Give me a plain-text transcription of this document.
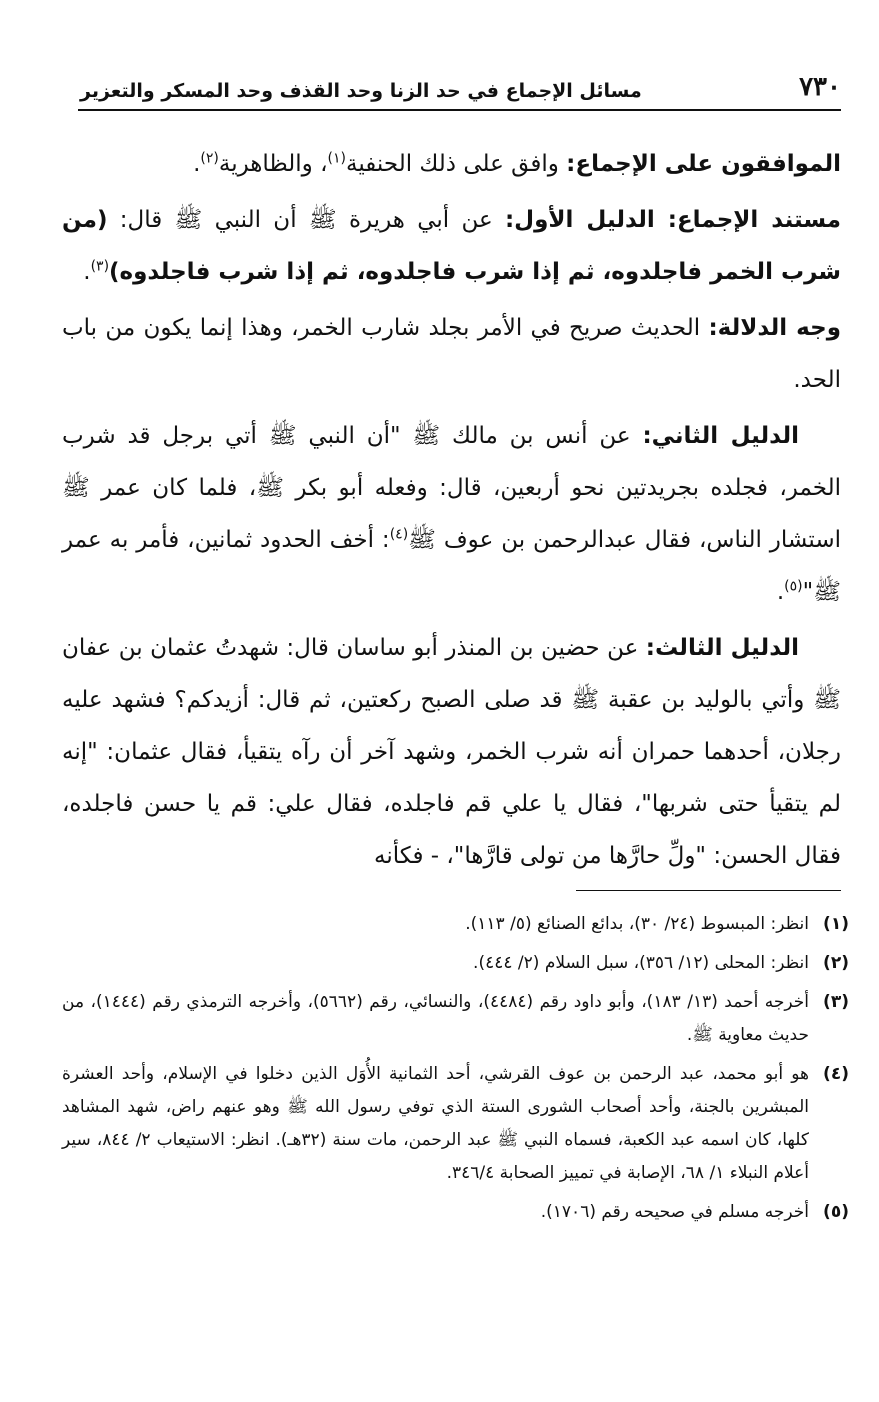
٧٣٠
مسائل الإجماع في حد الزنا وحد القذف وحد المسكر والتعزير

الموافقون على الإجماع: وافق على ذلك الحنفية$^{(١)}$، والظاهرية$^{(٢)}$.

مستند الإجماع: الدليل الأول: عن أبي هريرة ﷺ أن النبي ﷺ قال: (من شرب الخمر فاجلدوه، ثم إذا شرب فاجلدوه، ثم إذا شرب فاجلدوه)$^{(٣)}$.

وجه الدلالة: الحديث صريح في الأمر بجلد شارب الخمر، وهذا إنما يكون من باب الحد.

الدليل الثاني: عن أنس بن مالك ﷺ "أن النبي ﷺ أتي برجل قد شرب الخمر، فجلده بجريدتين نحو أربعين، قال: وفعله أبو بكر ﷺ، فلما كان عمر ﷺ استشار الناس، فقال عبدالرحمن بن عوف ﷺ$^{(٤)}$: أخف الحدود ثمانين، فأمر به عمر ﷺ"$^{(٥)}$.

الدليل الثالث: عن حضين بن المنذر أبو ساسان قال: شهدتُ عثمان بن عفان ﷺ وأتي بالوليد بن عقبة ﷺ قد صلى الصبح ركعتين، ثم قال: أزيدكم؟ فشهد عليه رجلان، أحدهما حمران أنه شرب الخمر، وشهد آخر أن رآه يتقيأ، فقال عثمان: "إنه لم يتقيأ حتى شربها"، فقال يا علي قم فاجلده، فقال علي: قم يا حسن فاجلده، فقال الحسن: "ولِّ حارَّها من تولى قارَّها"، - فكأنه

(١)
انظر: المبسوط (٢٤/ ٣٠)، بدائع الصنائع (٥/ ١١٣).
(٢)
انظر: المحلى (١٢/ ٣٥٦)، سبل السلام (٢/ ٤٤٤).
(٣)
أخرجه أحمد (١٣/ ١٨٣)، وأبو داود رقم (٤٤٨٤)، والنسائي، رقم (٥٦٦٢)، وأخرجه الترمذي رقم (١٤٤٤)، من حديث معاوية ﷺ.
(٤)
هو أبو محمد، عبد الرحمن بن عوف القرشي، أحد الثمانية الأُوَل الذين دخلوا في الإسلام، وأحد العشرة المبشرين بالجنة، وأحد أصحاب الشورى الستة الذي توفي رسول الله ﷺ وهو عنهم راض، شهد المشاهد كلها، كان اسمه عبد الكعبة، فسماه النبي ﷺ عبد الرحمن، مات سنة (٣٢هـ). انظر: الاستيعاب ٢/ ٨٤٤، سير أعلام النبلاء ١/ ٦٨، الإصابة في تمييز الصحابة ٣٤٦/٤.
(٥)
أخرجه مسلم في صحيحه رقم (١٧٠٦).
